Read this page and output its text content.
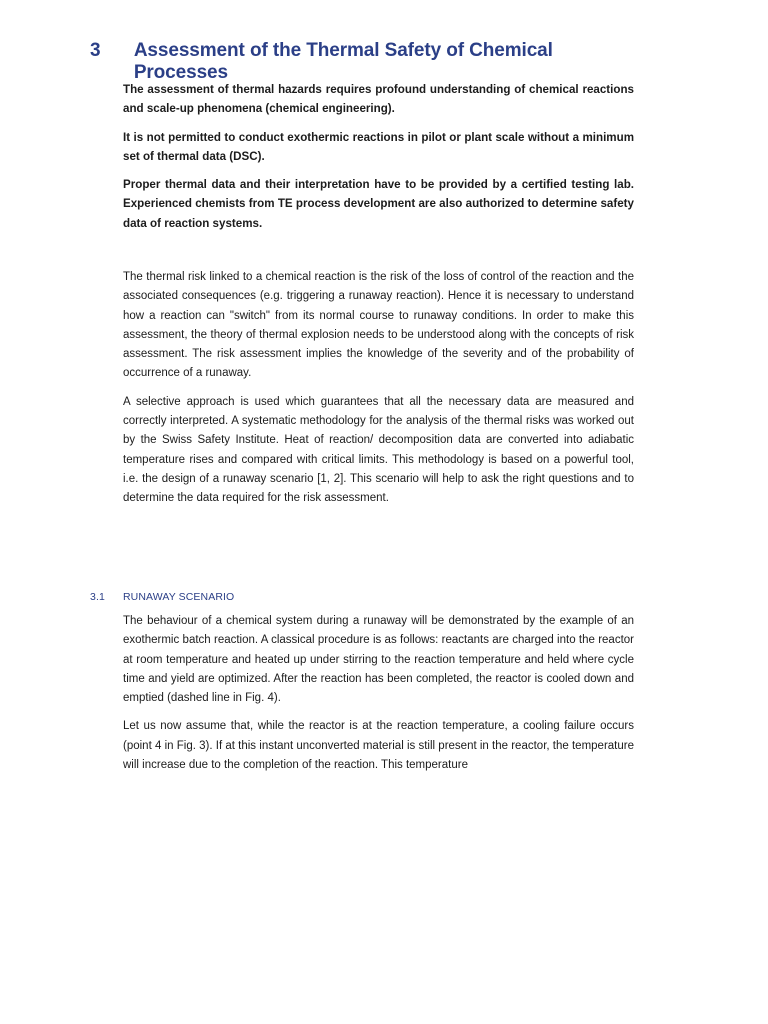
3	Assessment of the Thermal Safety of Chemical Processes

The assessment of thermal hazards requires profound understanding of chemical reactions and scale-up phenomena (chemical engineering).

It is not permitted to conduct exothermic reactions in pilot or plant scale without a minimum set of thermal data (DSC).

Proper thermal data and their interpretation have to be provided by a certified testing lab. Experienced chemists from TE process development are also authorized to determine safety data of reaction systems.

The thermal risk linked to a chemical reaction is the risk of the loss of control of the reaction and the associated consequences (e.g. triggering a runaway reaction). Hence it is necessary to understand how a reaction can "switch" from its normal course to runaway conditions. In order to make this assessment, the theory of thermal explosion needs to be understood along with the concepts of risk assessment. The risk assessment implies the knowledge of the severity and of the probability of occurrence of a runaway.

A selective approach is used which guarantees that all the necessary data are measured and correctly interpreted. A systematic methodology for the analysis of the thermal risks was worked out by the Swiss Safety Institute. Heat of reaction/ decomposition data are converted into adiabatic temperature rises and compared with critical limits. This methodology is based on a powerful tool, i.e. the design of a runaway scenario [1, 2]. This scenario will help to ask the right questions and to determine the data required for the risk assessment.

3.1	RUNAWAY SCENARIO

The behaviour of a chemical system during a runaway will be demonstrated by the example of an exothermic batch reaction. A classical procedure is as follows: reactants are charged into the reactor at room temperature and heated up under stirring to the reaction temperature and held where cycle time and yield are optimized. After the reaction has been completed, the reactor is cooled down and emptied (dashed line in Fig. 4).

Let us now assume that, while the reactor is at the reaction temperature, a cooling failure occurs (point 4 in Fig. 3). If at this instant unconverted material is still present in the reactor, the temperature will increase due to the completion of the reaction. This temperature
